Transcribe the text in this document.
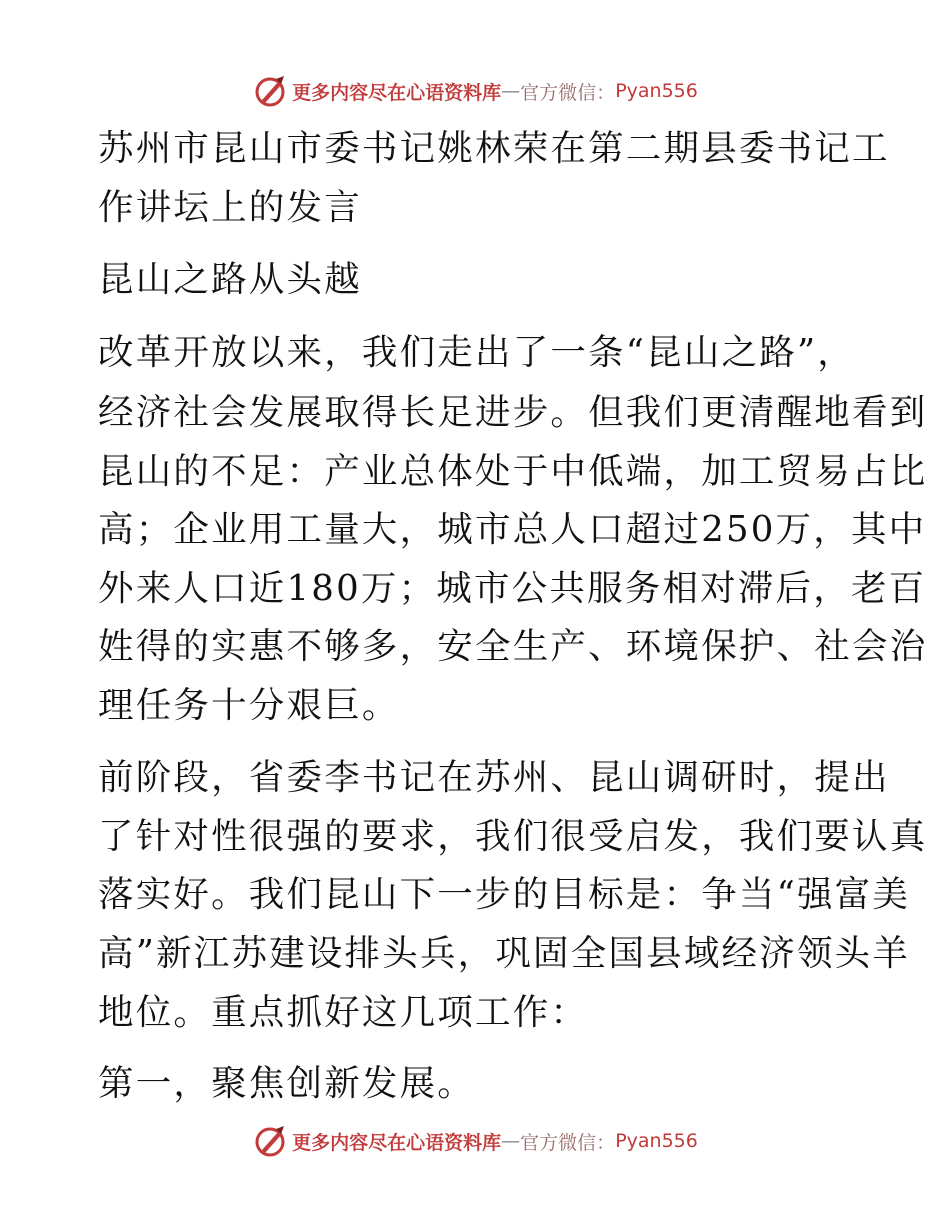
更多内容尽在心语资料库 — 官方微信： Pyan556
苏州市昆山市委书记姚林荣在第二期县委书记工
作讲坛上的发言
昆山之路从头越
改革开放以来，我们走出了一条“昆山之路”，
经济社会发展取得长足进步。但我们更清醒地看到
昆山的不足：产业总体处于中低端，加工贸易占比
高；企业用工量大，城市总人口超过250万，其中
外来人口近180万；城市公共服务相对滞后，老百
姓得的实惠不够多，安全生产、环境保护、社会治
理任务十分艰巨。
前阶段，省委李书记在苏州、昆山调研时，提出
了针对性很强的要求，我们很受启发，我们要认真
落实好。我们昆山下一步的目标是：争当“强富美
高”新江苏建设排头兵，巩固全国县域经济领头羊
地位。重点抓好这几项工作：
第一，聚焦创新发展。
更多内容尽在心语资料库 — 官方微信： Pyan556
